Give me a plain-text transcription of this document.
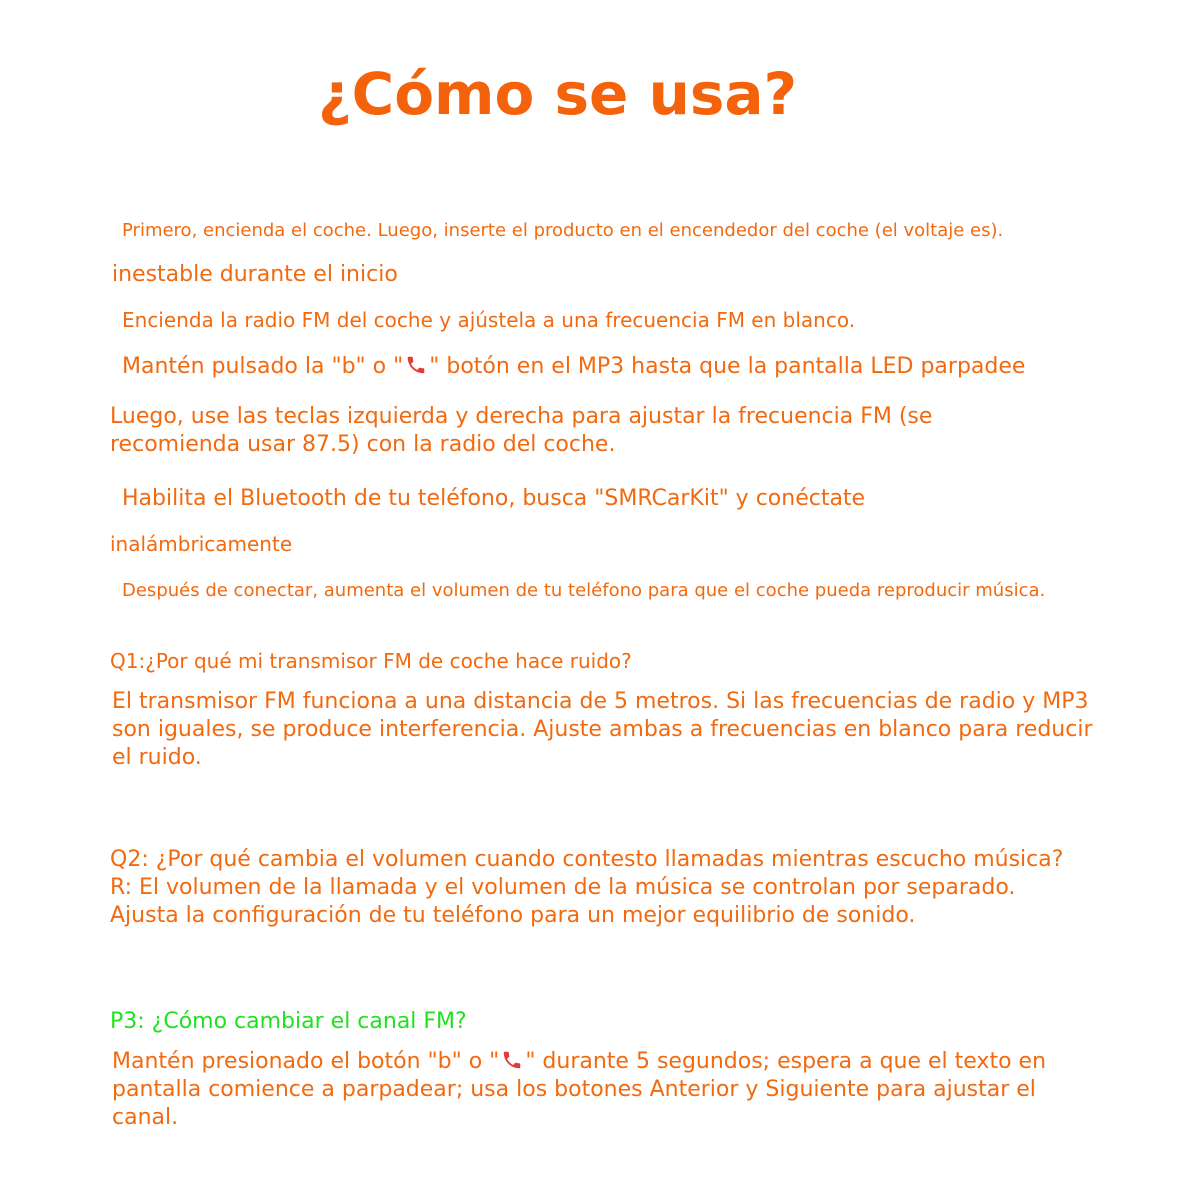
¿Cómo se usa?

Primero, encienda el coche. Luego, inserte el producto en el encendedor del coche (el voltaje es).

inestable durante el inicio

Encienda la radio FM del coche y ajústela a una frecuencia FM en blanco.

Mantén pulsado la "b" o " " botón en el MP3 hasta que la pantalla LED parpadee

Luego, use las teclas izquierda y derecha para ajustar la frecuencia FM (se
recomienda usar 87.5) con la radio del coche.

Habilita el Bluetooth de tu teléfono, busca "SMRCarKit" y conéctate

inalámbricamente

Después de conectar, aumenta el volumen de tu teléfono para que el coche pueda reproducir música.

Q1:¿Por qué mi transmisor FM de coche hace ruido?

El transmisor FM funciona a una distancia de 5 metros. Si las frecuencias de radio y MP3
son iguales, se produce interferencia. Ajuste ambas a frecuencias en blanco para reducir
el ruido.

Q2: ¿Por qué cambia el volumen cuando contesto llamadas mientras escucho música?
R: El volumen de la llamada y el volumen de la música se controlan por separado.
Ajusta la configuración de tu teléfono para un mejor equilibrio de sonido.

P3: ¿Cómo cambiar el canal FM?

Mantén presionado el botón "b" o " " durante 5 segundos; espera a que el texto en
pantalla comience a parpadear; usa los botones Anterior y Siguiente para ajustar el
canal.
